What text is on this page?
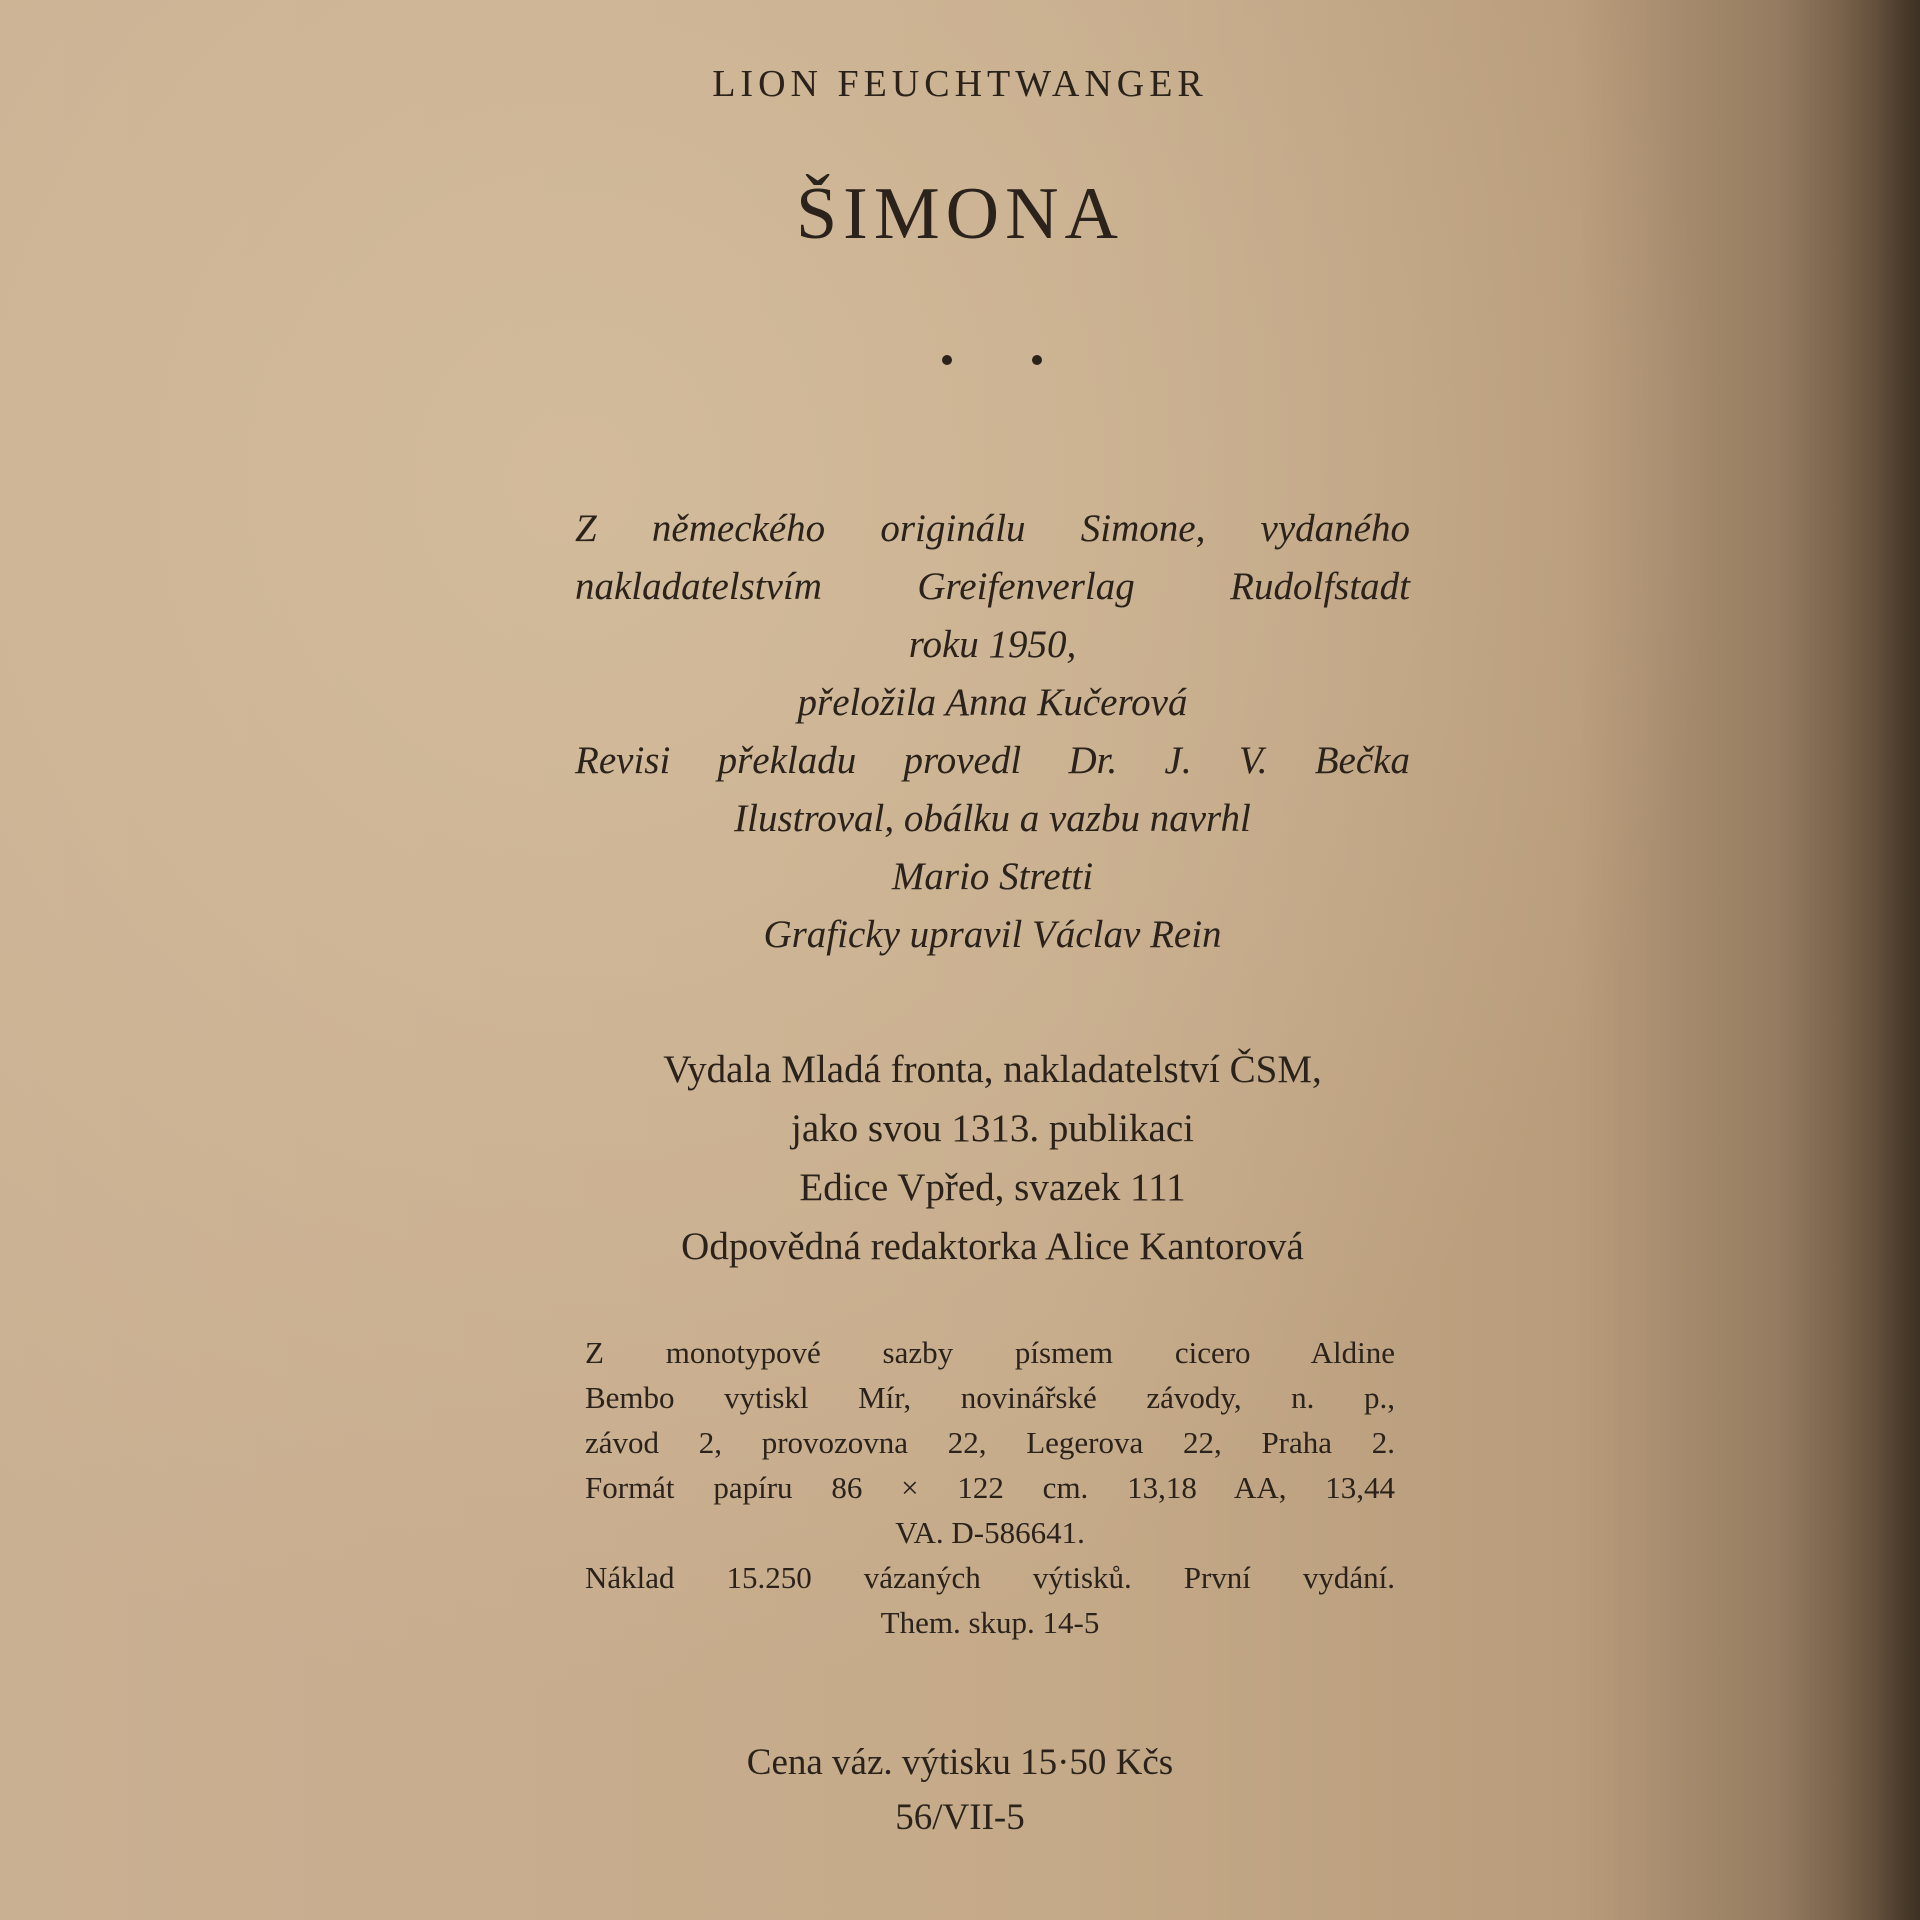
LION FEUCHTWANGER
ŠIMONA
Z německého originálu Simone, vydaného
nakladatelstvím Greifenverlag Rudolfstadt
roku 1950,
přeložila Anna Kučerová
Revisi překladu provedl Dr. J. V. Bečka
Ilustroval, obálku a vazbu navrhl
Mario Stretti
Graficky upravil Václav Rein
Vydala Mladá fronta, nakladatelství ČSM,
jako svou 1313. publikaci
Edice Vpřed, svazek 111
Odpovědná redaktorka Alice Kantorová
Z monotypové sazby písmem cicero Aldine
Bembo vytiskl Mír, novinářské závody, n. p.,
závod 2, provozovna 22, Legerova 22, Praha 2.
Formát papíru 86 × 122 cm. 13,18 AA, 13,44
VA. D-586641.
Náklad 15.250 vázaných výtisků. První vydání.
Them. skup. 14-5
Cena váz. výtisku 15·50 Kčs
56/VII-5
